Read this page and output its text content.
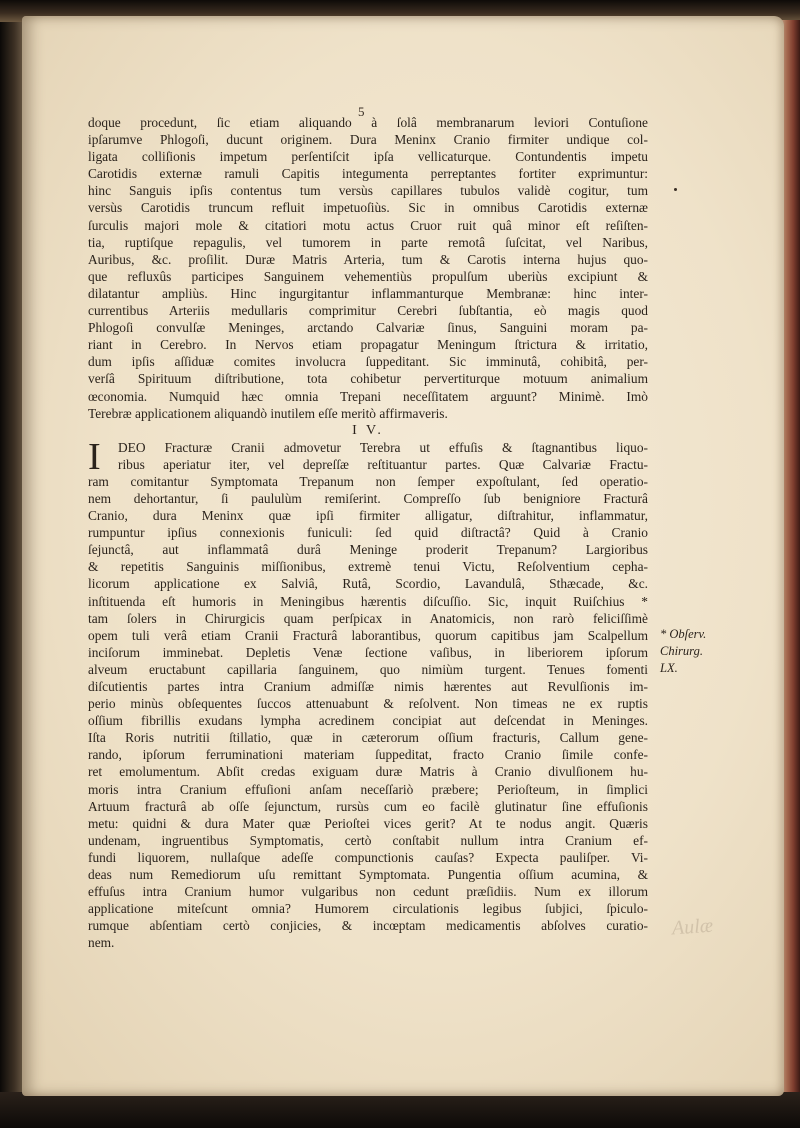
5
doque procedunt, ſic etiam aliquando à ſolâ membranarum leviori Contuſione
ipſarumve Phlogoſi, ducunt originem. Dura Meninx Cranio firmiter undique col-
ligata colliſionis impetum perſentiſcit ipſa vellicaturque. Contundentis impetu
Carotidis externæ ramuli Capitis integumenta perreptantes fortiter exprimuntur:
hinc Sanguis ipſis contentus tum versùs capillares tubulos validè cogitur, tum
versùs Carotidis truncum refluit impetuoſiùs. Sic in omnibus Carotidis externæ
ſurculis majori mole & citatiori motu actus Cruor ruit quâ minor eſt reſiſten-
tia, ruptiſque repagulis, vel tumorem in parte remotâ ſuſcitat, vel Naribus,
Auribus, &c. proſilit. Duræ Matris Arteria, tum & Carotis interna hujus quo-
que refluxûs participes Sanguinem vehementiùs propulſum uberiùs excipiunt &
dilatantur ampliùs. Hinc ingurgitantur inflammanturque Membranæ: hinc inter-
currentibus Arteriis medullaris comprimitur Cerebri ſubſtantia, eò magis quod
Phlogoſi convulſæ Meninges, arctando Calvariæ ſinus, Sanguini moram pa-
riant in Cerebro. In Nervos etiam propagatur Meningum ſtrictura & irritatio,
dum ipſis aſſiduæ comites involucra ſuppeditant. Sic imminutâ, cohibitâ, per-
verſâ Spirituum diſtributione, tota cohibetur pervertiturque motuum animalium
œconomia. Numquid hæc omnia Trepani neceſſitatem arguunt? Minimè. Imò
Terebræ applicationem aliquandò inutilem eſſe meritò affirmaveris.
I V.
I	DEO Fracturæ Cranii admovetur Terebra ut effuſis & ſtagnantibus liquo-
ribus aperiatur iter, vel depreſſæ reſtituantur partes. Quæ Calvariæ Fractu-
ram comitantur Symptomata Trepanum non ſemper expoſtulant, ſed operatio-
nem dehortantur, ſi paululùm remiſerint. Compreſſo ſub benigniore Fracturâ
Cranio, dura Meninx quæ ipſi firmiter alligatur, diſtrahitur, inflammatur,
rumpuntur ipſius connexionis funiculi: ſed quid diſtractâ? Quid à Cranio
ſejunctâ, aut inflammatâ durâ Meninge proderit Trepanum? Largioribus
& repetitis Sanguinis miſſionibus, extremè tenui Victu, Reſolventium cepha-
licorum applicatione ex Salviâ, Rutâ, Scordio, Lavandulâ, Sthæcade, &c.
inſtituenda eſt humoris in Meningibus hærentis diſcuſſio. Sic, inquit Ruiſchius *
tam ſolers in Chirurgicis quam perſpicax in Anatomicis, non rarò feliciſſimè
opem tuli verâ etiam Cranii Fracturâ laborantibus, quorum capitibus jam Scalpellum
inciſorum imminebat. Depletis Venæ ſectione vaſibus, in liberiorem ipſorum
alveum eructabunt capillaria ſanguinem, quo nimiùm turgent. Tenues fomenti
diſcutientis partes intra Cranium admiſſæ nimis hærentes aut Revulſionis im-
perio minùs obſequentes ſuccos attenuabunt & reſolvent. Non timeas ne ex ruptis
oſſium fibrillis exudans lympha acredinem concipiat aut deſcendat in Meninges.
Iſta Roris nutritii ſtillatio, quæ in cæterorum oſſium fracturis, Callum gene-
rando, ipſorum ferruminationi materiam ſuppeditat, fracto Cranio ſimile confe-
ret emolumentum. Abſit credas exiguam duræ Matris à Cranio divulſionem hu-
moris intra Cranium effuſioni anſam neceſſariò præbere; Perioſteum, in ſimplici
Artuum fracturâ ab oſſe ſejunctum, rursùs cum eo facilè glutinatur ſine effuſionis
metu: quidni & dura Mater quæ Perioſtei vices gerit? At te nodus angit. Quæris
undenam, ingruentibus Symptomatis, certò conſtabit nullum intra Cranium ef-
fundi liquorem, nullaſque adeſſe compunctionis cauſas? Expecta pauliſper. Vi-
deas num Remediorum uſu remittant Symptomata. Pungentia oſſium acumina, &
effuſus intra Cranium humor vulgaribus non cedunt præſidiis. Num ex illorum
applicatione miteſcunt omnia? Humorem circulationis legibus ſubjici, ſpiculo-
rumque abſentiam certò conjicies, & incœptam medicamentis abſolves curatio-
nem.
* Obſerv.
Chirurg.
LX.
Aulæ
